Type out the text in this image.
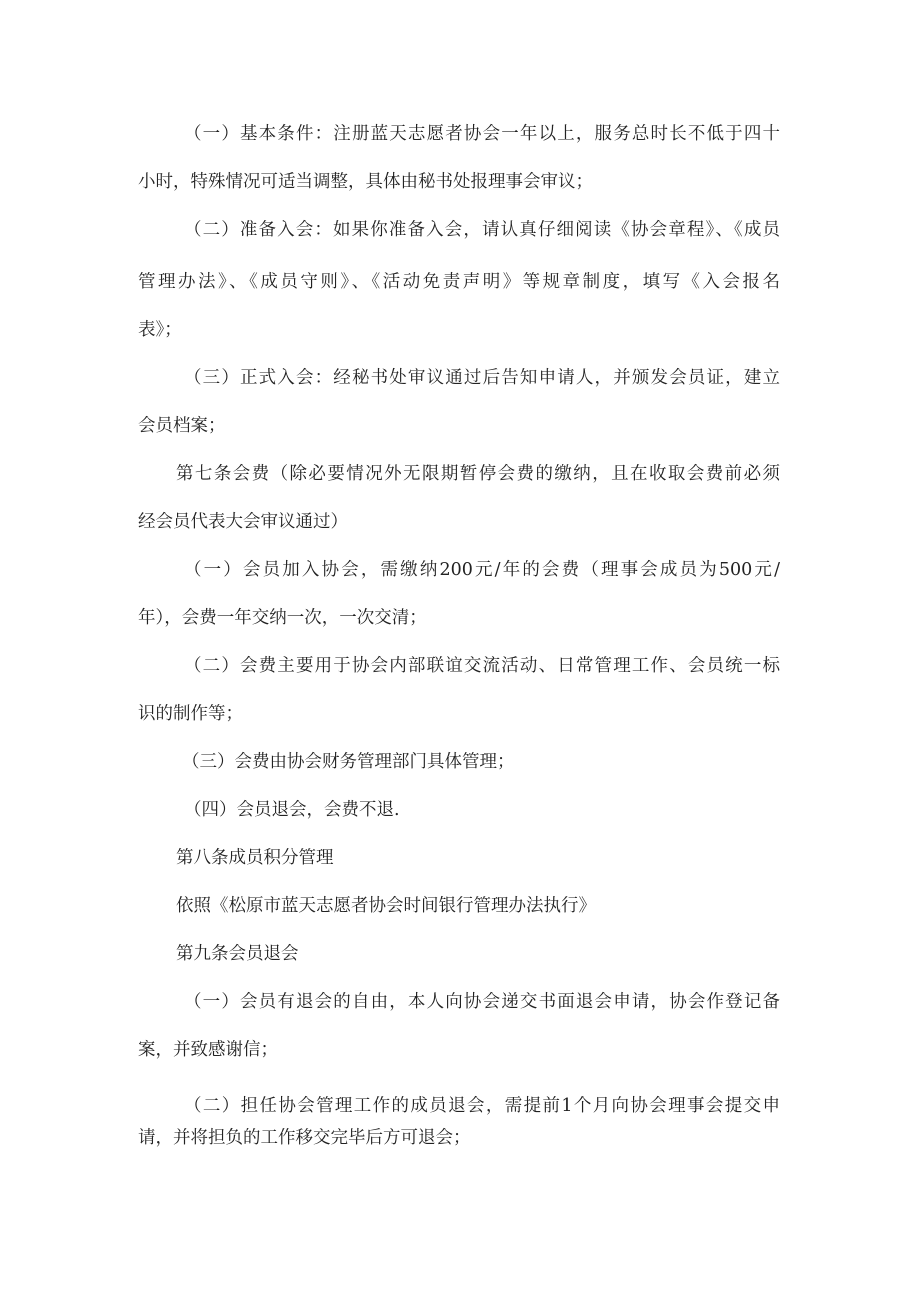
（一）基本条件：注册蓝天志愿者协会一年以上，服务总时长不低于四十
小时，特殊情况可适当调整，具体由秘书处报理事会审议；
（二）准备入会：如果你准备入会，请认真仔细阅读《协会章程》、《成员
管理办法》、《成员守则》、《活动免责声明》等规章制度，填写《入会报名
表》；
（三）正式入会：经秘书处审议通过后告知申请人，并颁发会员证，建立
会员档案；
第七条会费（除必要情况外无限期暂停会费的缴纳，且在收取会费前必须
经会员代表大会审议通过）
（一）会员加入协会，需缴纳200元/年的会费（理事会成员为500元/
年），会费一年交纳一次，一次交清；
（二）会费主要用于协会内部联谊交流活动、日常管理工作、会员统一标
识的制作等；
（三）会费由协会财务管理部门具体管理；
（四）会员退会，会费不退.
第八条成员积分管理
依照《松原市蓝天志愿者协会时间银行管理办法执行》
第九条会员退会
（一）会员有退会的自由，本人向协会递交书面退会申请，协会作登记备
案，并致感谢信；
（二）担任协会管理工作的成员退会，需提前1个月向协会理事会提交申
请，并将担负的工作移交完毕后方可退会；
